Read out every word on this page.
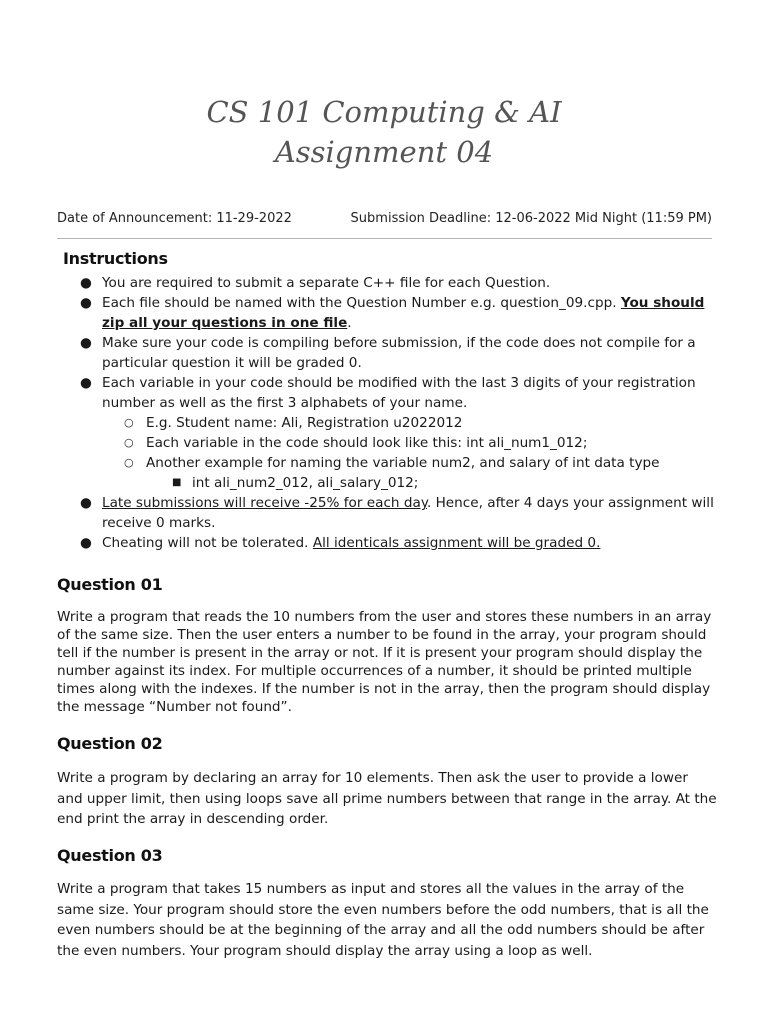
CS 101 Computing & AI
Assignment 04
Date of Announcement: 11-29-2022	Submission Deadline: 12-06-2022 Mid Night (11:59 PM)
Instructions
● You are required to submit a separate C++ file for each Question.
● Each file should be named with the Question Number e.g. question_09.cpp. You should zip all your questions in one file.
● Make sure your code is compiling before submission, if the code does not compile for a particular question it will be graded 0.
● Each variable in your code should be modified with the last 3 digits of your registration number as well as the first 3 alphabets of your name.
○ E.g. Student name: Ali, Registration u2022012
○ Each variable in the code should look like this: int ali_num1_012;
○ Another example for naming the variable num2, and salary of int data type
■ int ali_num2_012, ali_salary_012;
● Late submissions will receive -25% for each day. Hence, after 4 days your assignment will receive 0 marks.
● Cheating will not be tolerated. All identicals assignment will be graded 0.
Question 01

Write a program that reads the 10 numbers from the user and stores these numbers in an array of the same size. Then the user enters a number to be found in the array, your program should tell if the number is present in the array or not. If it is present your program should display the number against its index. For multiple occurrences of a number, it should be printed multiple times along with the indexes. If the number is not in the array, then the program should display the message “Number not found”.

Question 02

Write a program by declaring an array for 10 elements. Then ask the user to provide a lower and upper limit, then using loops save all prime numbers between that range in the array. At the end print the array in descending order.

Question 03

Write a program that takes 15 numbers as input and stores all the values in the array of the same size. Your program should store the even numbers before the odd numbers, that is all the even numbers should be at the beginning of the array and all the odd numbers should be after the even numbers. Your program should display the array using a loop as well.
